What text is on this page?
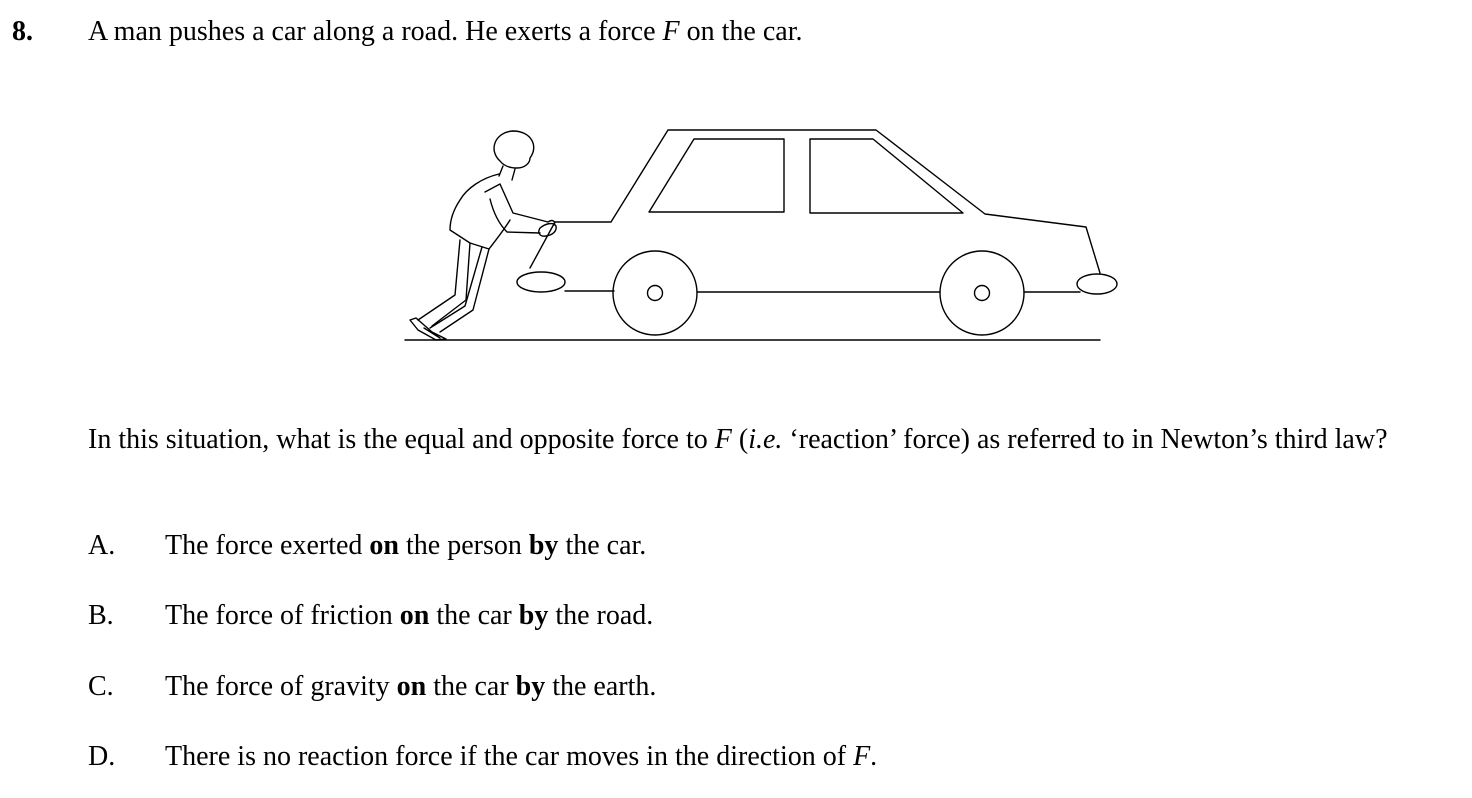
8. A man pushes a car along a road. He exerts a force F on the car.
In this situation, what is the equal and opposite force to F (i.e. ‘reaction’ force) as referred to in Newton’s third law?
A. The force exerted on the person by the car.
B. The force of friction on the car by the road.
C. The force of gravity on the car by the earth.
D. There is no reaction force if the car moves in the direction of F.
